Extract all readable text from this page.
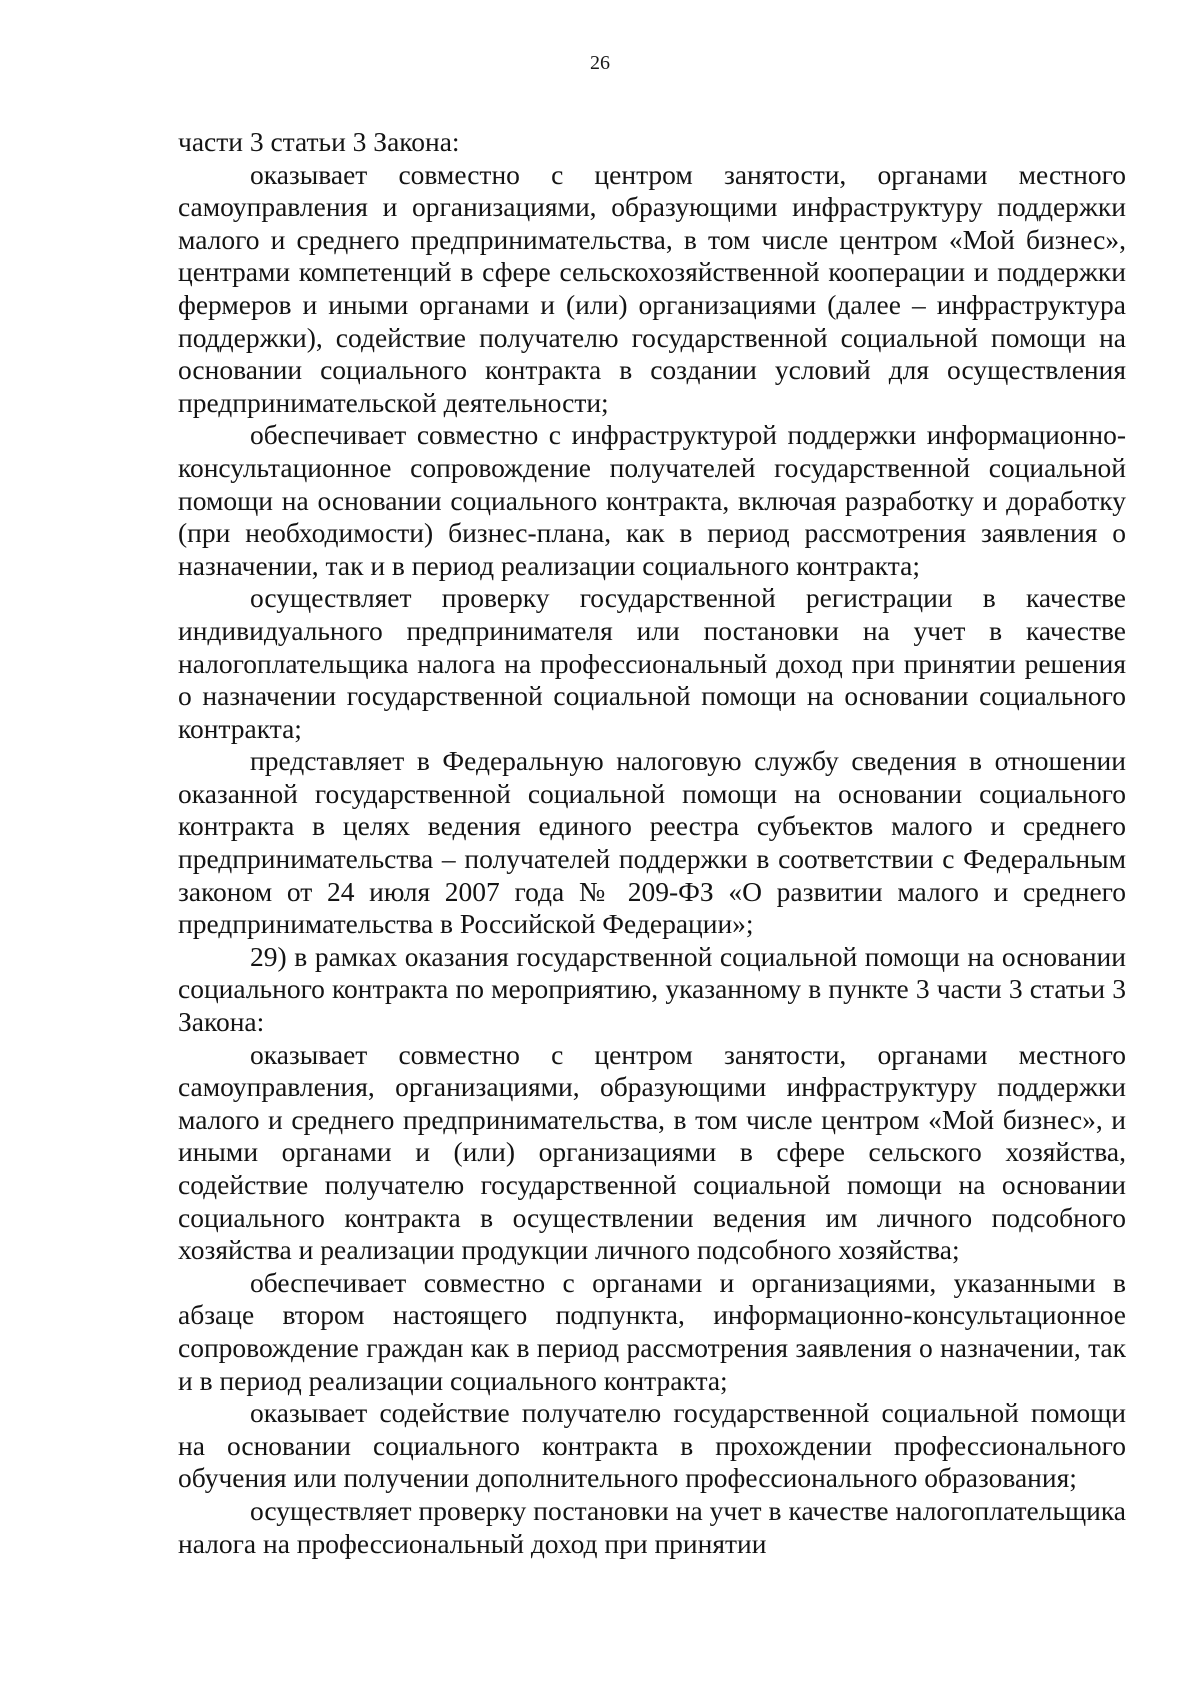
26

части 3 статьи 3 Закона:

оказывает совместно с центром занятости, органами местного самоуправления и организациями, образующими инфраструктуру поддержки малого и среднего предпринимательства, в том числе центром «Мой бизнес», центрами компетенций в сфере сельскохозяйственной кооперации и поддержки фермеров и иными органами и (или) организациями (далее – инфраструктура поддержки), содействие получателю государственной социальной помощи на основании социального контракта в создании условий для осуществления предпринимательской деятельности;

обеспечивает совместно с инфраструктурой поддержки информационно-консультационное сопровождение получателей государственной социальной помощи на основании социального контракта, включая разработку и доработку (при необходимости) бизнес-плана, как в период рассмотрения заявления о назначении, так и в период реализации социального контракта;

осуществляет проверку государственной регистрации в качестве индивидуального предпринимателя или постановки на учет в качестве налогоплательщика налога на профессиональный доход при принятии решения о назначении государственной социальной помощи на основании социального контракта;

представляет в Федеральную налоговую службу сведения в отношении оказанной государственной социальной помощи на основании социального контракта в целях ведения единого реестра субъектов малого и среднего предпринимательства – получателей поддержки в соответствии с Федеральным законом от 24 июля 2007 года № 209-ФЗ «О развитии малого и среднего предпринимательства в Российской Федерации»;

29) в рамках оказания государственной социальной помощи на основании социального контракта по мероприятию, указанному в пункте 3 части 3 статьи 3 Закона:

оказывает совместно с центром занятости, органами местного самоуправления, организациями, образующими инфраструктуру поддержки малого и среднего предпринимательства, в том числе центром «Мой бизнес», и иными органами и (или) организациями в сфере сельского хозяйства, содействие получателю государственной социальной помощи на основании социального контракта в осуществлении ведения им личного подсобного хозяйства и реализации продукции личного подсобного хозяйства;

обеспечивает совместно с органами и организациями, указанными в абзаце втором настоящего подпункта, информационно-консультационное сопровождение граждан как в период рассмотрения заявления о назначении, так и в период реализации социального контракта;

оказывает содействие получателю государственной социальной помощи на основании социального контракта в прохождении профессионального обучения или получении дополнительного профессионального образования;

осуществляет проверку постановки на учет в качестве налогоплательщика налога на профессиональный доход при принятии
